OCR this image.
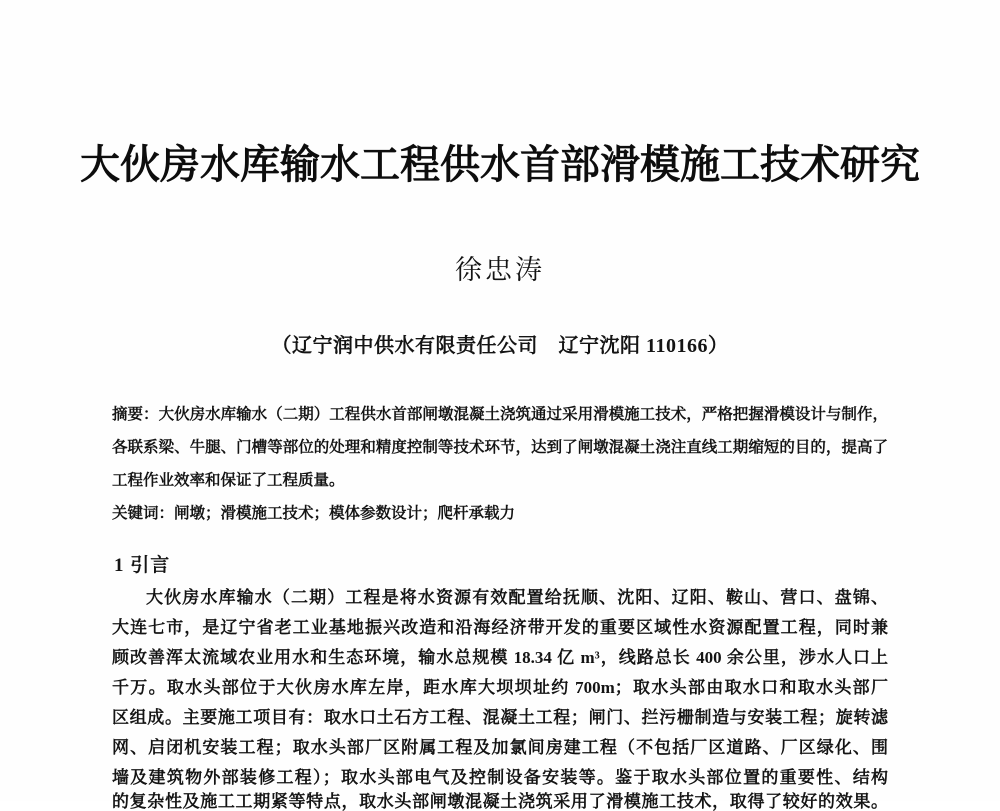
大伙房水库输水工程供水首部滑模施工技术研究
徐忠涛
（辽宁润中供水有限责任公司　辽宁沈阳 110166）
摘要：大伙房水库输水（二期）工程供水首部闸墩混凝土浇筑通过采用滑模施工技术，严格把握滑模设计与制作，
各联系梁、牛腿、门槽等部位的处理和精度控制等技术环节，达到了闸墩混凝土浇注直线工期缩短的目的，提高了
工程作业效率和保证了工程质量。
关键词：闸墩；滑模施工技术；模体参数设计；爬杆承载力
1 引言
大伙房水库输水（二期）工程是将水资源有效配置给抚顺、沈阳、辽阳、鞍山、营口、盘锦、
大连七市，是辽宁省老工业基地振兴改造和沿海经济带开发的重要区域性水资源配置工程，同时兼
顾改善浑太流域农业用水和生态环境，输水总规模 18.34 亿 m³，线路总长 400 余公里，涉水人口上
千万。取水头部位于大伙房水库左岸，距水库大坝坝址约 700m；取水头部由取水口和取水头部厂
区组成。主要施工项目有：取水口土石方工程、混凝土工程；闸门、拦污栅制造与安装工程；旋转滤
网、启闭机安装工程；取水头部厂区附属工程及加氯间房建工程（不包括厂区道路、厂区绿化、围
墙及建筑物外部装修工程）；取水头部电气及控制设备安装等。鉴于取水头部位置的重要性、结构
的复杂性及施工工期紧等特点，取水头部闸墩混凝土浇筑采用了滑模施工技术，取得了较好的效果。
